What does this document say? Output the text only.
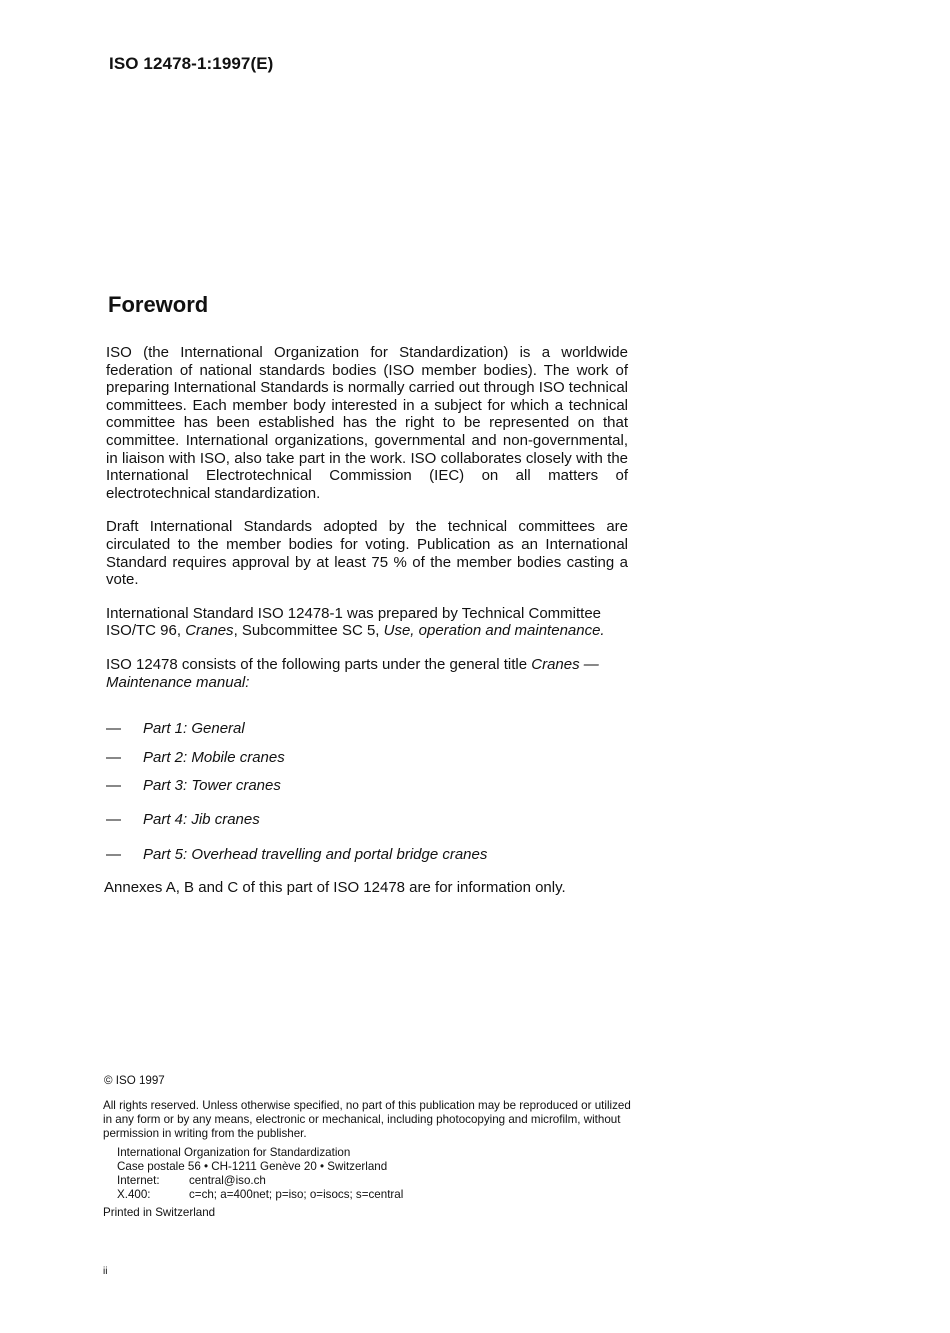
ISO 12478-1:1997(E)
Foreword

ISO (the International Organization for Standardization) is a worldwide federation of national standards bodies (ISO member bodies). The work of preparing International Standards is normally carried out through ISO technical committees. Each member body interested in a subject for which a technical committee has been established has the right to be represented on that committee. International organizations, governmental and non-governmental, in liaison with ISO, also take part in the work. ISO collaborates closely with the International Electrotechnical Commission (IEC) on all matters of electrotechnical standardization.

Draft International Standards adopted by the technical committees are circulated to the member bodies for voting. Publication as an International Standard requires approval by at least 75 % of the member bodies casting a vote.

International Standard ISO 12478-1 was prepared by Technical Committee ISO/TC 96, Cranes, Subcommittee SC 5, Use, operation and maintenance.

ISO 12478 consists of the following parts under the general title Cranes — Maintenance manual:

— Part 1: General
— Part 2: Mobile cranes
— Part 3: Tower cranes
— Part 4: Jib cranes
— Part 5: Overhead travelling and portal bridge cranes
Annexes A, B and C of this part of ISO 12478 are for information only.
© ISO 1997
All rights reserved. Unless otherwise specified, no part of this publication may be reproduced or utilized in any form or by any means, electronic or mechanical, including photocopying and microfilm, without permission in writing from the publisher.
International Organization for Standardization
Case postale 56 • CH-1211 Genève 20 • Switzerland
Internet:	central@iso.ch
X.400:	c=ch; a=400net; p=iso; o=isocs; s=central
Printed in Switzerland
ii
